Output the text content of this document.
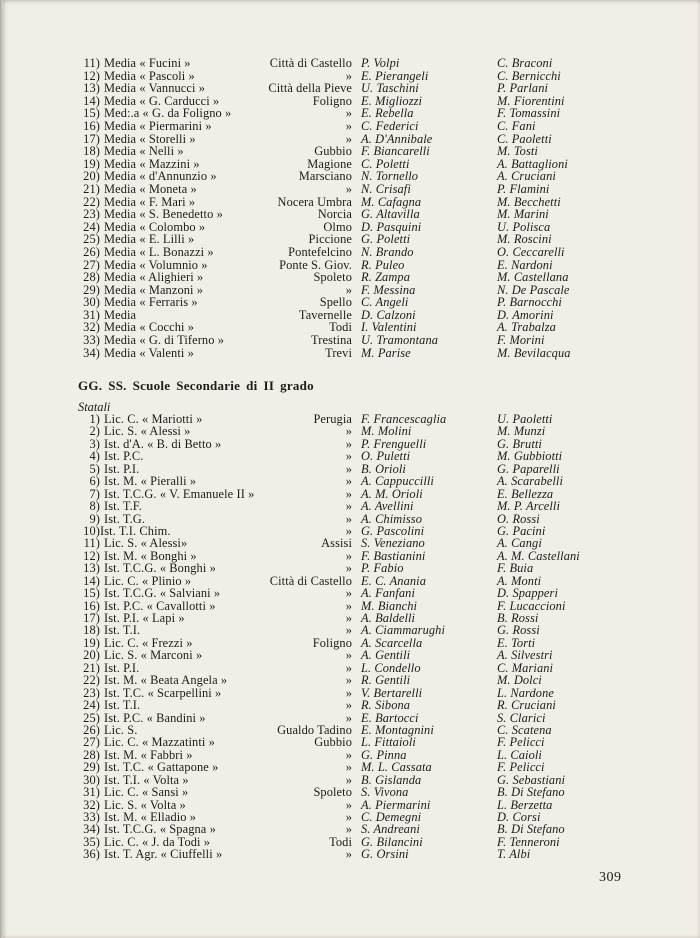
11) Media « Fucini »	Città di Castello P. Volpi	C. Braconi
12) Media « Pascoli »	» E. Pierangeli	C. Bernicchi
13) Media « Vannucci »	Città della Pieve U. Taschini	P. Parlani
14) Media « G. Carducci »	Foligno E. Migliozzi	M. Fiorentini
15) Med:.a « G. da Foligno »	» E. Rebella	F. Tomassini
16) Media « Piermarini »	» C. Federici	C. Fani
17) Media « Storelli »	» A. D'Annibale	C. Paoletti
18) Media « Nelli »	Gubbio F. Biancarelli	M. Tosti
19) Media « Mazzini »	Magione C. Poletti	A. Battaglioni
20) Media « d'Annunzio »	Marsciano N. Tornello	A. Cruciani
21) Media « Moneta »	» N. Crisafi	P. Flamini
22) Media « F. Mari »	Nocera Umbra M. Cafagna	M. Becchetti
23) Media « S. Benedetto »	Norcia G. Altavilla	M. Marini
24) Media « Colombo »	Olmo D. Pasquini	U. Polisca
25) Media « E. Lilli »	Piccione G. Poletti	M. Roscini
26) Media « L. Bonazzi »	Pontefelcino N. Brando	O. Ceccarelli
27) Media « Volumnio »	Ponte S. Giov. R. Puleo	E. Nardoni
28) Media « Alighieri »	Spoleto R. Zampa	M. Castellana
29) Media « Manzoni »	» F. Messina	N. De Pascale
30) Media « Ferraris »	Spello C. Angeli	P. Barnocchi
31) Media	Tavernelle D. Calzoni	D. Amorini
32) Media « Cocchi »	Todi I. Valentini	A. Trabalza
33) Media « G. di Tiferno »	Trestina U. Tramontana	F. Morini
34) Media « Valenti »	Trevi M. Parise	M. Bevilacqua
GG. SS. Scuole Secondarie di II grado
Statali
1) Lic. C. « Mariotti »	Perugia F. Francescaglia	U. Paoletti
2) Lic. S. « Alessi »	» M. Molini	M. Munzi
3) Ist. d'A. « B. di Betto »	» P. Frenguelli	G. Brutti
4) Ist. P.C.	» O. Puletti	M. Gubbiotti
5) Ist. P.I.	» B. Orioli	G. Paparelli
6) Ist. M. « Pieralli »	» A. Cappuccilli	A. Scarabelli
7) Ist. T.C.G. « V. Emanuele II »	» A. M. Orioli	E. Bellezza
8) Ist. T.F.	» A. Avellini	M. P. Arcelli
9) Ist. T.G.	» A. Chimisso	O. Rossi
10) Ist. T.I. Chim.	» G. Pascolini	G. Pacini
11) Lic. S. « Alessi»	Assisi S. Veneziano	A. Cangi
12) Ist. M. « Bonghi »	» F. Bastianini	A. M. Castellani
13) Ist. T.C.G. « Bonghi »	» P. Fabio	F. Buia
14) Lic. C. « Plinio »	Città di Castello E. C. Anania	A. Monti
15) Ist. T.C.G. « Salviani »	» A. Fanfani	D. Spapperi
16) Ist. P.C. « Cavallotti »	» M. Bianchi	F. Lucaccioni
17) Ist. P.I. « Lapi »	» A. Baldelli	B. Rossi
18) Ist. T.I.	» A. Ciammarughi	G. Rossi
19) Lic. C. « Frezzi »	Foligno A. Scarcella	E. Torti
20) Lic. S. « Marconi »	» A. Gentili	A. Silvestri
21) Ist. P.I.	» L. Condello	C. Mariani
22) Ist. M. « Beata Angela »	» R. Gentili	M. Dolci
23) Ist. T.C. « Scarpellini »	» V. Bertarelli	L. Nardone
24) Ist. T.I.	» R. Sibona	R. Cruciani
25) Ist. P.C. « Bandini »	» E. Bartocci	S. Clarici
26) Lic. S.	Gualdo Tadino E. Montagnini	C. Scatena
27) Lic. C. « Mazzatinti »	Gubbio L. Fittaioli	F. Pelicci
28) Ist. M. « Fabbri »	» G. Pinna	L. Caioli
29) Ist. T.C. « Gattapone »	» M. L. Cassata	F. Pelicci
30) Ist. T.I. « Volta »	» B. Gislanda	G. Sebastiani
31) Lic. C. « Sansi »	Spoleto S. Vivona	B. Di Stefano
32) Lic. S. « Volta »	» A. Piermarini	L. Berzetta
33) Ist. M. « Elladio »	» C. Demegni	D. Corsi
34) Ist. T.C.G. « Spagna »	» S. Andreani	B. Di Stefano
35) Lic. C. « J. da Todi »	Todi G. Bilancini	F. Tenneroni
36) Ist. T. Agr. « Ciuffelli »	» G. Orsini	T. Albi
309
